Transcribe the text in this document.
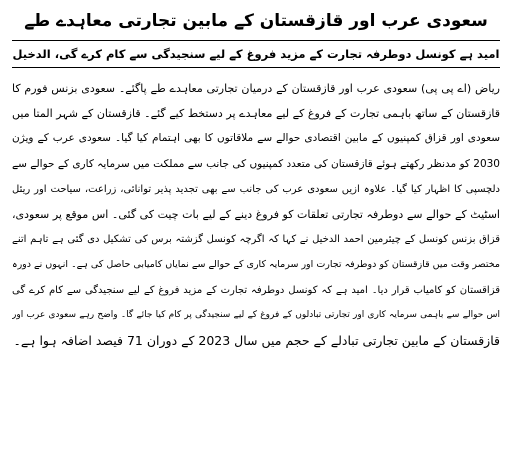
سعودی عرب اور قازقستان کے مابین تجارتی معاہدے طے
امید ہے کونسل دوطرفہ تجارت کے مزید فروغ کے لیے سنجیدگی سے کام کرے گی، الدخیل
ریاض (اے پی پی) سعودی عرب اور قازقستان کے درمیان تجارتی معاہدے طے پاگئے۔ سعودی بزنس فورم کا
قازقستان کے ساتھ باہمی تجارت کے فروغ کے لیے معاہدے پر دستخط کیے گئے۔ قازقستان کے شہر المتا میں
سعودی اور قزاق کمپنیوں کے مابین اقتصادی حوالے سے ملاقاتوں کا بھی اہتمام کیا گیا۔ سعودی عرب کے ویژن
2030 کو مدنظر رکھتے ہوئے قازقستان کی متعدد کمپنیوں کی جانب سے مملکت میں سرمایہ کاری کے حوالے سے
دلچسپی کا اظہار کیا گیا۔ علاوہ ازیں سعودی عرب کی جانب سے بھی تجدید پذیر توانائی، زراعت، سیاحت اور ریئل
اسٹیٹ کے حوالے سے دوطرفہ تجارتی تعلقات کو فروغ دینے کے لیے بات چیت کی گئی۔ اس موقع پر سعودی،
قزاق بزنس کونسل کے چیئرمین احمد الدخیل نے کہا کہ اگرچہ کونسل گزشتہ برس کی تشکیل دی گئی ہے تاہم اتنے
مختصر وقت میں قازقستان کو دوطرفہ تجارت اور سرمایہ کاری کے حوالے سے نمایاں کامیابی حاصل کی ہے۔ انہوں نے دورہ
قزاقستان کو کامیاب قرار دیا۔ امید ہے کہ کونسل دوطرفہ تجارت کے مزید فروغ کے لیے سنجیدگی سے کام کرے گی
اس حوالے سے باہمی سرمایہ کاری اور تجارتی تبادلوں کے فروغ کے لیے سنجیدگی پر کام کیا جائے گا۔ واضح رہے سعودی عرب اور
قازقستان کے مابین تجارتی تبادلے کے حجم میں سال 2023 کے دوران 71 فیصد اضافہ ہوا ہے۔
